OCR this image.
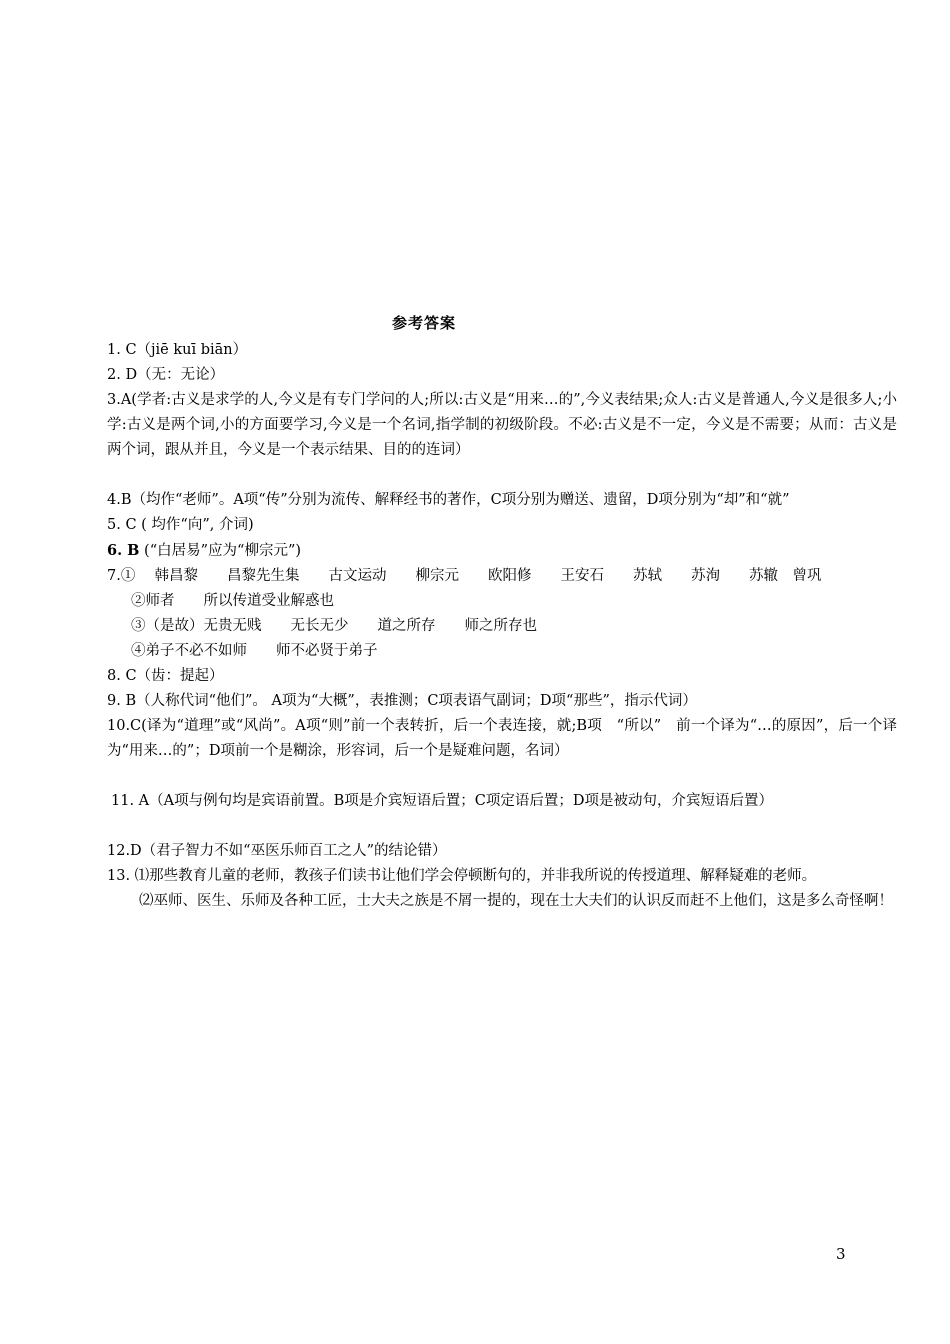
参考答案
1. C（jiē kuī biān）
2. D（无：无论）
3.A(学者:古义是求学的人,今义是有专门学问的人;所以:古义是“用来…的”,今义表结果;众人:古义是普通人,今义是很多人;小学:古义是两个词,小的方面要学习,今义是一个名词,指学制的初级阶段。不必:古义是不一定，今义是不需要；从而：古义是两个词，跟从并且，今义是一个表示结果、目的的连词）
4.B（均作“老师”。A项“传”分别为流传、解释经书的著作，C项分别为赠送、遗留，D项分别为“却”和“就”
5. C ( 均作“向”, 介词)
6. B (“白居易”应为“柳宗元”)
7.①　 韩昌黎　　昌黎先生集　　古文运动　　柳宗元　　欧阳修　　王安石　　苏轼　　苏洵　　苏辙　曾巩
②师者　　所以传道受业解惑也
③（是故）无贵无贱　　无长无少　　道之所存　　师之所存也
④弟子不必不如师　　师不必贤于弟子
8. C（齿：提起）
9. B（人称代词“他们”。 A项为“大概”，表推测；C项表语气副词；D项“那些”，指示代词）
10.C(译为“道理”或“风尚”。A项“则”前一个表转折，后一个表连接，就;B项　“所以”　前一个译为“…的原因”，后一个译为“用来…的”；D项前一个是糊涂，形容词，后一个是疑难问题，名词）
11. A（A项与例句均是宾语前置。B项是介宾短语后置；C项定语后置；D项是被动句，介宾短语后置）
12.D（君子智力不如“巫医乐师百工之人”的结论错）
13. ⑴那些教育儿童的老师，教孩子们读书让他们学会停顿断句的，并非我所说的传授道理、解释疑难的老师。
⑵巫师、医生、乐师及各种工匠，士大夫之族是不屑一提的，现在士大夫们的认识反而赶不上他们，这是多么奇怪啊！
3
